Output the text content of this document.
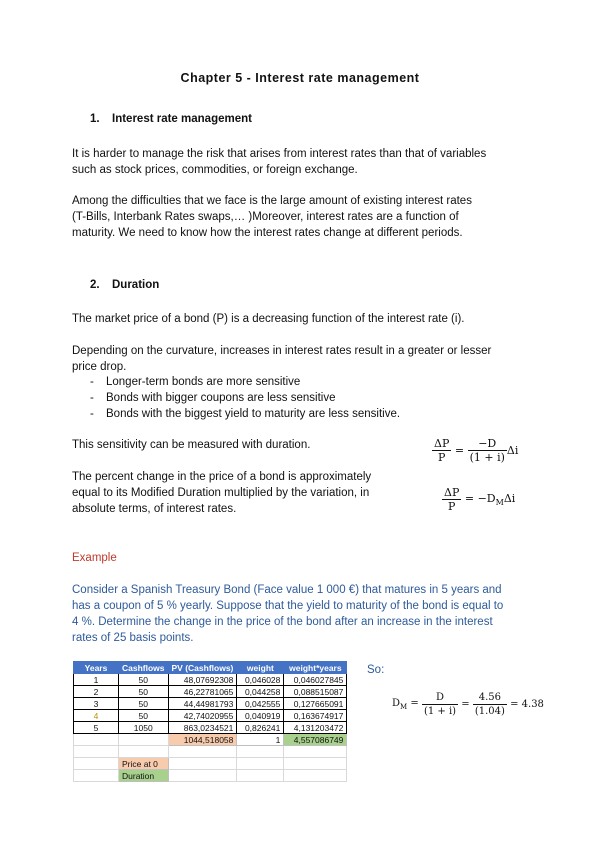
Chapter 5 - Interest rate management
1. Interest rate management
It is harder to manage the risk that arises from interest rates than that of variables
such as stock prices, commodities, or foreign exchange.
Among the difficulties that we face is the large amount of existing interest rates
(T-Bills, Interbank Rates swaps,… )Moreover, interest rates are a function of
maturity. We need to know how the interest rates change at different periods.
2. Duration
The market price of a bond (P) is a decreasing function of the interest rate (i).
Depending on the curvature, increases in interest rates result in a greater or lesser
price drop.
- Longer-term bonds are more sensitive
- Bonds with bigger coupons are less sensitive
- Bonds with the biggest yield to maturity are less sensitive.
This sensitivity can be measured with duration.
The percent change in the price of a bond is approximately
equal to its Modified Duration multiplied by the variation, in
absolute terms, of interest rates.
$\frac{\Delta P}{P} = \frac{-D}{(1 + i)}$ Δi
$\frac{\Delta P}{P} = -D_M\Delta i$
Example
Consider a Spanish Treasury Bond (Face value 1 000 €) that matures in 5 years and
has a coupon of 5 % yearly. Suppose that the yield to maturity of the bond is equal to
4 %. Determine the change in the price of the bond after an increase in the interest
rates of 25 basis points.
So:
$D_M = \frac{D}{(1 + i)} = \frac{4.56}{(1.04)} = 4.38$
Years	Cashflows	PV (Cashflows)	weight	weight*years
1	50	48,07692308	0,046028	0,046027845
2	50	46,22781065	0,044258	0,088515087
3	50	44,44981793	0,042555	0,127665091
4	50	42,74020955	0,040919	0,163674917
5	1050	863,0234521	0,826241	4,131203472
		1044,518058	1	4,557086749

	Price at 0			
	Duration			
